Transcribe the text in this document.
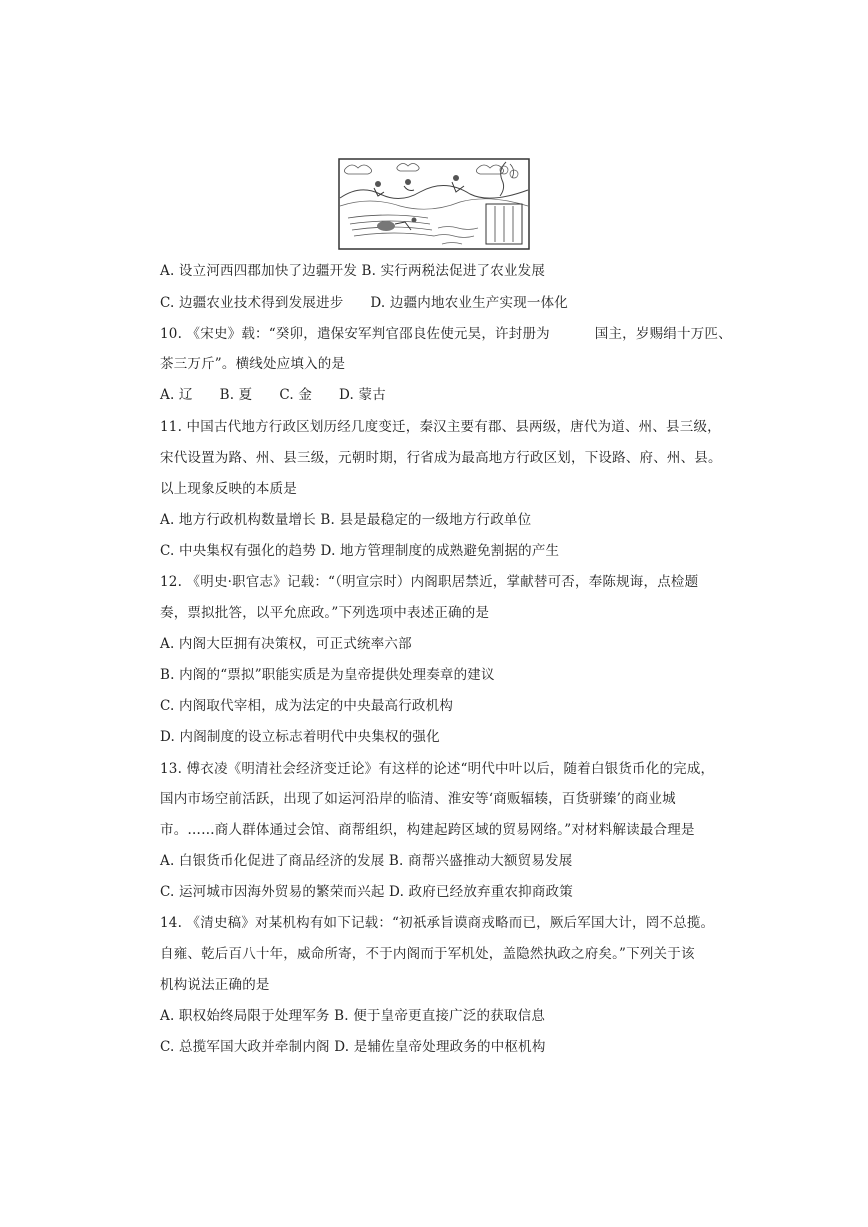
A. 设立河西四郡加快了边疆开发 B. 实行两税法促进了农业发展
C. 边疆农业技术得到发展进步      D. 边疆内地农业生产实现一体化
10. 《宋史》载：“癸卯，遣保安军判官邵良佐使元昊，许封册为          国主，岁赐绢十万匹、
茶三万斤”。横线处应填入的是
A. 辽      B. 夏      C. 金      D. 蒙古
11. 中国古代地方行政区划历经几度变迁，秦汉主要有郡、县两级，唐代为道、州、县三级，
宋代设置为路、州、县三级，元朝时期，行省成为最高地方行政区划，下设路、府、州、县。
以上现象反映的本质是
A. 地方行政机构数量增长 B. 县是最稳定的一级地方行政单位
C. 中央集权有强化的趋势 D. 地方管理制度的成熟避免割据的产生
12. 《明史·职官志》记载：“（明宣宗时）内阁职居禁近，掌献替可否，奉陈规诲，点检题
奏，票拟批答，以平允庶政。”下列选项中表述正确的是
A. 内阁大臣拥有决策权，可正式统率六部
B. 内阁的“票拟”职能实质是为皇帝提供处理奏章的建议
C. 内阁取代宰相，成为法定的中央最高行政机构
D. 内阁制度的设立标志着明代中央集权的强化
13. 傅衣凌《明清社会经济变迁论》有这样的论述“明代中叶以后，随着白银货币化的完成，
国内市场空前活跃，出现了如运河沿岸的临清、淮安等‘商贩辐辏，百货骈臻’的商业城
市。……商人群体通过会馆、商帮组织，构建起跨区域的贸易网络。”对材料解读最合理是
A. 白银货币化促进了商品经济的发展 B. 商帮兴盛推动大额贸易发展
C. 运河城市因海外贸易的繁荣而兴起 D. 政府已经放弃重农抑商政策
14. 《清史稿》对某机构有如下记载：“初祇承旨谟商戎略而已，厥后军国大计，罔不总揽。
自雍、乾后百八十年，威命所寄，不于内阁而于军机处，盖隐然执政之府矣。”下列关于该
机构说法正确的是
A. 职权始终局限于处理军务 B. 便于皇帝更直接广泛的获取信息
C. 总揽军国大政并牵制内阁 D. 是辅佐皇帝处理政务的中枢机构
